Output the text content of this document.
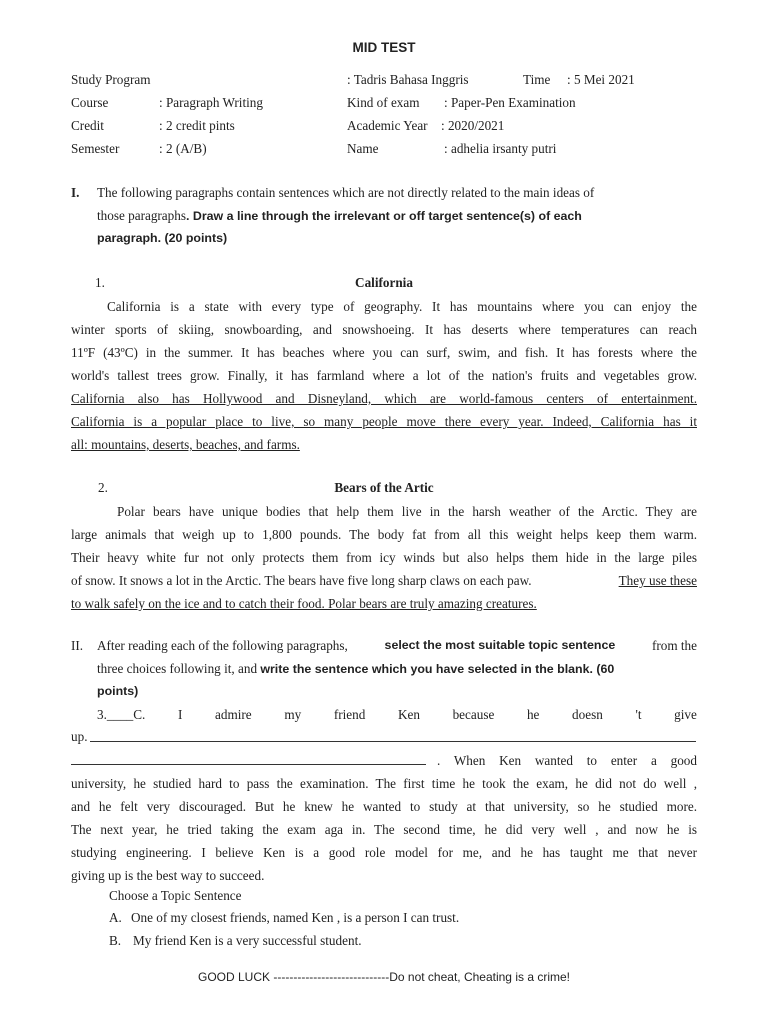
MID TEST
Study Program	: Tadris Bahasa Inggris	Time : 5 Mei 2021
Course	: Paragraph Writing	Kind of exam : Paper-Pen Examination
Credit	: 2 credit pints	Academic Year : 2020/2021
Semester	: 2 (A/B)	Name	: adhelia irsanty putri
I. The following paragraphs contain sentences which are not directly related to the main ideas of
those paragraphs. Draw a line through the irrelevant or off target sentence(s) of each
paragraph. (20 points)
1.	California
California is a state with every type of geography. It has mountains where you can enjoy the
winter sports of skiing, snowboarding, and snowshoeing. It has deserts where temperatures can reach
11ºF (43ºC) in the summer. It has beaches where you can surf, swim, and fish. It has forests where the
world's tallest trees grow. Finally, it has farmland where a lot of the nation's fruits and vegetables grow.
California also has Hollywood and Disneyland, which are world-famous centers of entertainment.
California is a popular place to live, so many people move there every year. Indeed, California has it
all: mountains, deserts, beaches, and farms.
2.	Bears of the Artic
Polar bears have unique bodies that help them live in the harsh weather of the Arctic. They are
large animals that weigh up to 1,800 pounds. The body fat from all this weight helps keep them warm.
Their heavy white fur not only protects them from icy winds but also helps them hide in the large piles
of snow. It snows a lot in the Arctic. The bears have five long sharp claws on each paw.	They use these
to walk safely on the ice and to catch their food. Polar bears are truly amazing creatures.
II. After reading each of the following paragraphs,	select the most suitable topic sentence	from the
three choices following it, and write the sentence which you have selected in the blank. (60
points)
3.____C. I admire my friend Ken because he doesn 't give
up.
. When Ken wanted to enter a good
university, he studied hard to pass the examination. The first time he took the exam, he did not do well ,
and he felt very discouraged. But he knew he wanted to study at that university, so he studied more.
The next year, he tried taking the exam aga in. The second time, he did very well , and now he is
studying engineering. I believe Ken is a good role model for me, and he has taught me that never
giving up is the best way to succeed.
Choose a Topic Sentence
A. One of my closest friends, named Ken , is a person I can trust.
B. My friend Ken is a very successful student.
GOOD LUCK -----------------------------Do not cheat, Cheating is a crime!
